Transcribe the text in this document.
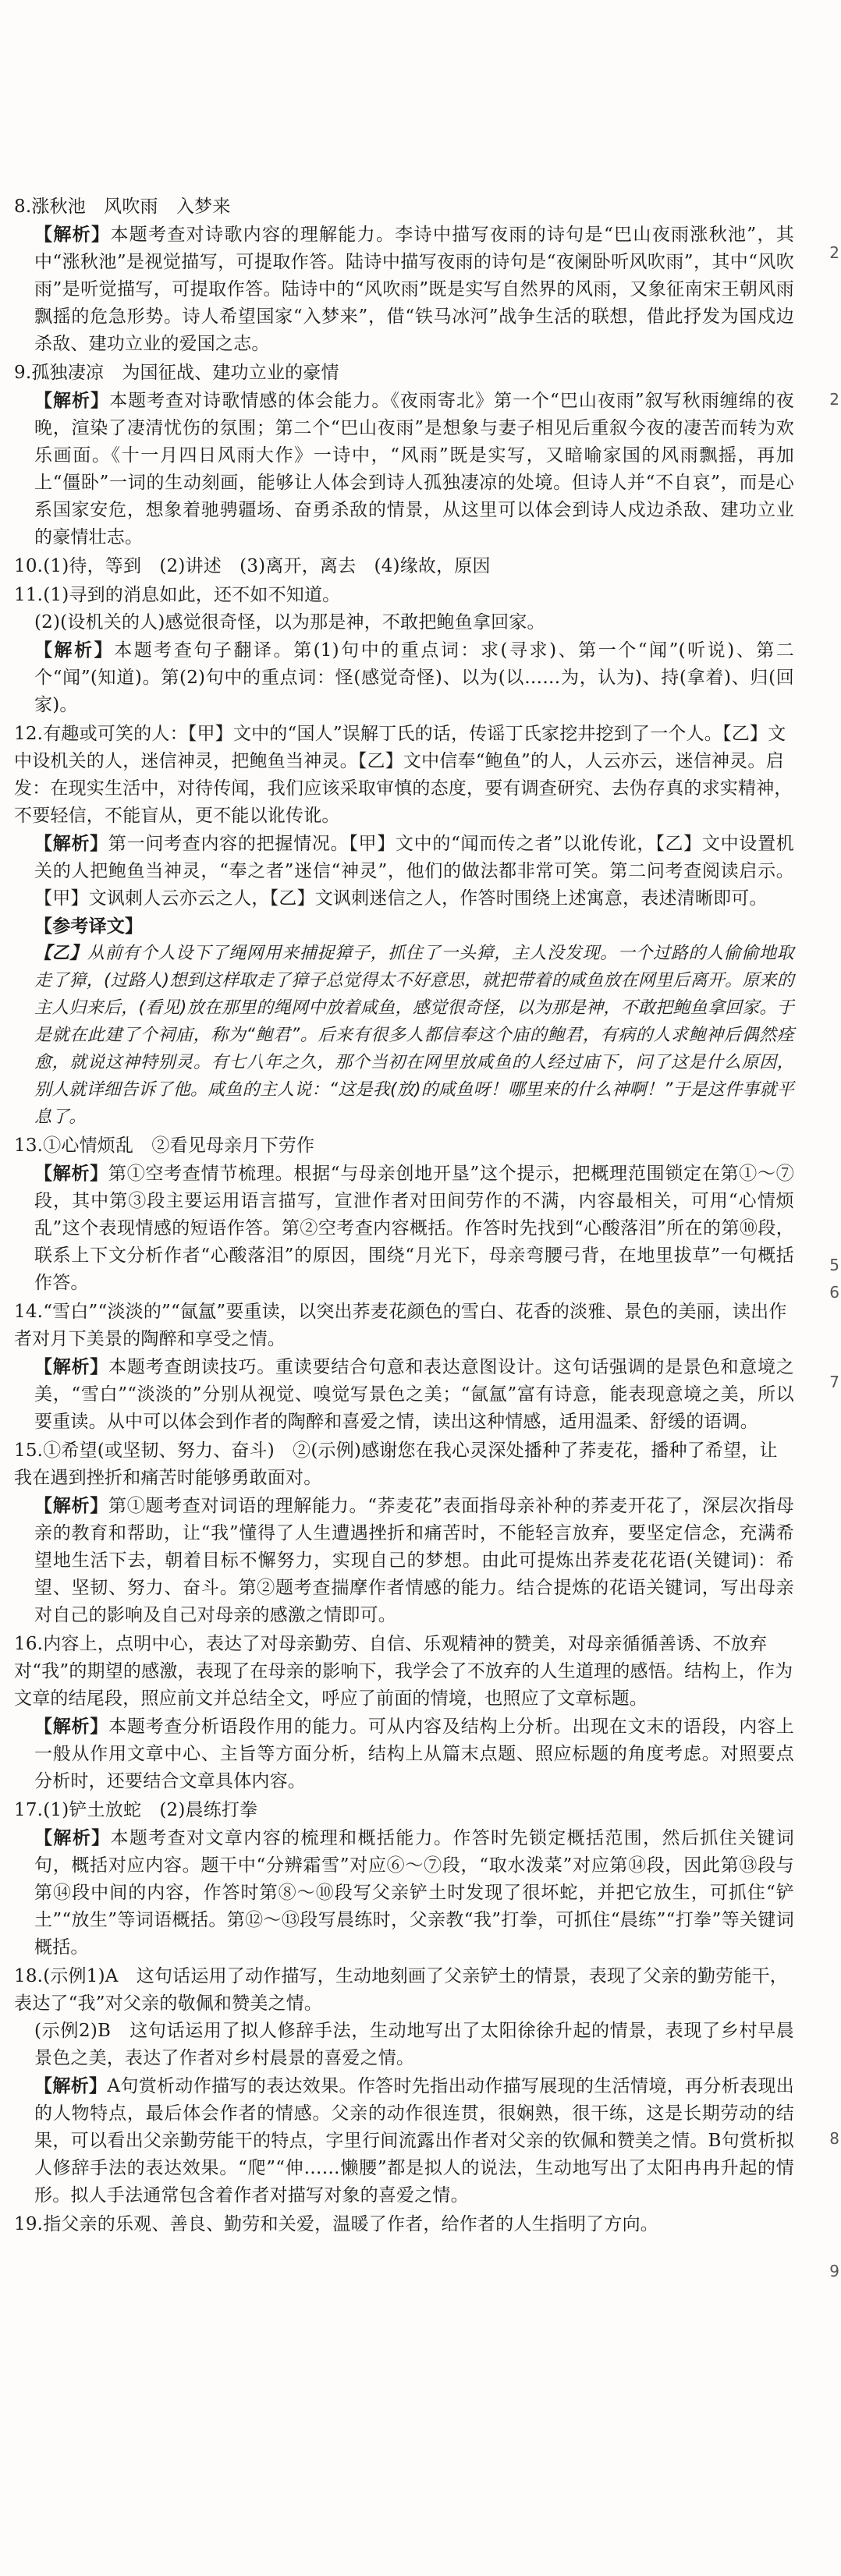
8.涨秋池　风吹雨　入梦来
【解析】本题考查对诗歌内容的理解能力。李诗中描写夜雨的诗句是“巴山夜雨涨秋池”，其中“涨秋池”是视觉描写，可提取作答。陆诗中描写夜雨的诗句是“夜阑卧听风吹雨”，其中“风吹雨”是听觉描写，可提取作答。陆诗中的“风吹雨”既是实写自然界的风雨，又象征南宋王朝风雨飘摇的危急形势。诗人希望国家“入梦来”，借“铁马冰河”战争生活的联想，借此抒发为国戍边杀敌、建功立业的爱国之志。
9.孤独凄凉　为国征战、建功立业的豪情
【解析】本题考查对诗歌情感的体会能力。《夜雨寄北》第一个“巴山夜雨”叙写秋雨缠绵的夜晚，渲染了凄清忧伤的氛围；第二个“巴山夜雨”是想象与妻子相见后重叙今夜的凄苦而转为欢乐画面。《十一月四日风雨大作》一诗中，“风雨”既是实写，又暗喻家国的风雨飘摇，再加上“僵卧”一词的生动刻画，能够让人体会到诗人孤独凄凉的处境。但诗人并“不自哀”，而是心系国家安危，想象着驰骋疆场、奋勇杀敌的情景，从这里可以体会到诗人戍边杀敌、建功立业的豪情壮志。
10.(1)待，等到　(2)讲述　(3)离开，离去　(4)缘故，原因
11.(1)寻到的消息如此，还不如不知道。
(2)(设机关的人)感觉很奇怪，以为那是神，不敢把鲍鱼拿回家。
【解析】本题考查句子翻译。第(1)句中的重点词：求(寻求)、第一个“闻”(听说)、第二个“闻”(知道)。第(2)句中的重点词：怪(感觉奇怪)、以为(以……为，认为)、持(拿着)、归(回家)。
12.有趣或可笑的人：【甲】文中的“国人”误解丁氏的话，传谣丁氏家挖井挖到了一个人。【乙】文中设机关的人，迷信神灵，把鲍鱼当神灵。【乙】文中信奉“鲍鱼”的人，人云亦云，迷信神灵。启发：在现实生活中，对待传闻，我们应该采取审慎的态度，要有调查研究、去伪存真的求实精神，不要轻信，不能盲从，更不能以讹传讹。
【解析】第一问考查内容的把握情况。【甲】文中的“闻而传之者”以讹传讹，【乙】文中设置机关的人把鲍鱼当神灵，“奉之者”迷信“神灵”，他们的做法都非常可笑。第二问考查阅读启示。【甲】文讽刺人云亦云之人，【乙】文讽刺迷信之人，作答时围绕上述寓意，表述清晰即可。
【参考译文】
【乙】从前有个人设下了绳网用来捕捉獐子，抓住了一头獐，主人没发现。一个过路的人偷偷地取走了獐，(过路人)想到这样取走了獐子总觉得太不好意思，就把带着的咸鱼放在网里后离开。原来的主人归来后，(看见)放在那里的绳网中放着咸鱼，感觉很奇怪，以为那是神，不敢把鲍鱼拿回家。于是就在此建了个祠庙，称为“鲍君”。后来有很多人都信奉这个庙的鲍君，有病的人求鲍神后偶然痊愈，就说这神特别灵。有七八年之久，那个当初在网里放咸鱼的人经过庙下，问了这是什么原因，别人就详细告诉了他。咸鱼的主人说：“这是我(放)的咸鱼呀！哪里来的什么神啊！”于是这件事就平息了。
13.①心情烦乱　②看见母亲月下劳作
【解析】第①空考查情节梳理。根据“与母亲创地开垦”这个提示，把概理范围锁定在第①～⑦段，其中第③段主要运用语言描写，宣泄作者对田间劳作的不满，内容最相关，可用“心情烦乱”这个表现情感的短语作答。第②空考查内容概括。作答时先找到“心酸落泪”所在的第⑩段，联系上下文分析作者“心酸落泪”的原因，围绕“月光下，母亲弯腰弓背，在地里拔草”一句概括作答。
14.“雪白”“淡淡的”“氤氲”要重读，以突出荞麦花颜色的雪白、花香的淡雅、景色的美丽，读出作者对月下美景的陶醉和享受之情。
【解析】本题考查朗读技巧。重读要结合句意和表达意图设计。这句话强调的是景色和意境之美，“雪白”“淡淡的”分别从视觉、嗅觉写景色之美；“氤氲”富有诗意，能表现意境之美，所以要重读。从中可以体会到作者的陶醉和喜爱之情，读出这种情感，适用温柔、舒缓的语调。
15.①希望(或坚韧、努力、奋斗)　②(示例)感谢您在我心灵深处播种了荞麦花，播种了希望，让我在遇到挫折和痛苦时能够勇敢面对。
【解析】第①题考查对词语的理解能力。“荞麦花”表面指母亲补种的荞麦开花了，深层次指母亲的教育和帮助，让“我”懂得了人生遭遇挫折和痛苦时，不能轻言放弃，要坚定信念，充满希望地生活下去，朝着目标不懈努力，实现自己的梦想。由此可提炼出荞麦花花语(关键词)：希望、坚韧、努力、奋斗。第②题考查揣摩作者情感的能力。结合提炼的花语关键词，写出母亲对自己的影响及自己对母亲的感激之情即可。
16.内容上，点明中心，表达了对母亲勤劳、自信、乐观精神的赞美，对母亲循循善诱、不放弃对“我”的期望的感激，表现了在母亲的影响下，我学会了不放弃的人生道理的感悟。结构上，作为文章的结尾段，照应前文并总结全文，呼应了前面的情境，也照应了文章标题。
【解析】本题考查分析语段作用的能力。可从内容及结构上分析。出现在文末的语段，内容上一般从作用文章中心、主旨等方面分析，结构上从篇末点题、照应标题的角度考虑。对照要点分析时，还要结合文章具体内容。
17.(1)铲土放蛇　(2)晨练打拳
【解析】本题考查对文章内容的梳理和概括能力。作答时先锁定概括范围，然后抓住关键词句，概括对应内容。题干中“分辨霜雪”对应⑥～⑦段，“取水泼菜”对应第⑭段，因此第⑬段与第⑭段中间的内容，作答时第⑧～⑩段写父亲铲土时发现了很坏蛇，并把它放生，可抓住“铲土”“放生”等词语概括。第⑫～⑬段写晨练时，父亲教“我”打拳，可抓住“晨练”“打拳”等关键词概括。
18.(示例1)A　这句话运用了动作描写，生动地刻画了父亲铲土的情景，表现了父亲的勤劳能干，表达了“我”对父亲的敬佩和赞美之情。
(示例2)B　这句话运用了拟人修辞手法，生动地写出了太阳徐徐升起的情景，表现了乡村早晨景色之美，表达了作者对乡村晨景的喜爱之情。
【解析】A句赏析动作描写的表达效果。作答时先指出动作描写展现的生活情境，再分析表现出的人物特点，最后体会作者的情感。父亲的动作很连贯，很娴熟，很干练，这是长期劳动的结果，可以看出父亲勤劳能干的特点，字里行间流露出作者对父亲的钦佩和赞美之情。B句赏析拟人修辞手法的表达效果。“爬”“伸……懒腰”都是拟人的说法，生动地写出了太阳冉冉升起的情形。拟人手法通常包含着作者对描写对象的喜爱之情。
19.指父亲的乐观、善良、勤劳和关爱，温暖了作者，给作者的人生指明了方向。
2
2
5
6
7
8
9
